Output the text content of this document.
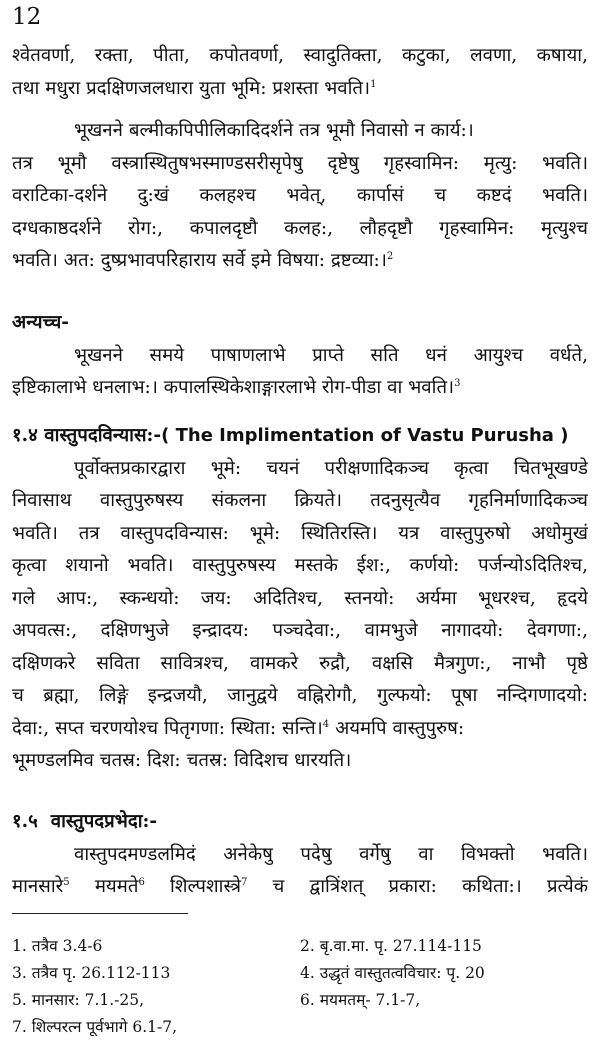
12
श्वेतवर्णा, रक्ता, पीता, कपोतवर्णा, स्वादुतिक्ता, कटुका, लवणा, कषाया,
तथा मधुरा प्रदक्षिणजलधारा युता भूमि: प्रशस्ता भवति।$^1$
भूखनने बल्मीकपिपीलिकादिदर्शने तत्र भूमौ निवासो न कार्य:।
तत्र भूमौ वस्त्रास्थितुषभस्माण्डसरीसृपेषु दृष्टेषु गृहस्वामिन: मृत्यु: भवति।
वराटिका-दर्शने दु:खं कलहश्च भवेत्, कार्पासं च कष्टदं भवति।
दग्धकाष्ठदर्शने रोग:, कपालदृष्टौ कलह:, लौहदृष्टौ गृहस्वामिन: मृत्युश्च
भवति। अत: दुष्प्रभावपरिहाराय सर्वे इमे विषया: द्रष्टव्या:।$^2$
अन्यच्च-
भूखनने समये पाषाणलाभे प्राप्ते सति धनं आयुश्च वर्धते,
इष्टिकालाभे धनलाभ:। कपालस्थिकेशाङ्गारलाभे रोग-पीडा वा भवति।$^3$
१.४ वास्तुपदविन्यास:-( The Implimentation of Vastu Purusha )
पूर्वोक्तप्रकारद्वारा भूमे: चयनं परीक्षणादिकञ्च कृत्वा चितभूखण्डे
निवासाथ वास्तुपुरुषस्य संकलना क्रियते। तदनुसृत्यैव गृहनिर्माणादिकञ्च
भवति। तत्र वास्तुपदविन्यास: भूमे: स्थितिरस्ति। यत्र वास्तुपुरुषो अधोमुखं
कृत्वा शयानो भवति। वास्तुपुरुषस्य मस्तके ईश:, कर्णयो: पर्जन्योऽदितिश्च,
गले आप:, स्कन्धयो: जय: अदितिश्च, स्तनयो: अर्यमा भूधरश्च, हृदये
अपवत्स:, दक्षिणभुजे इन्द्रादय: पञ्चदेवा:, वामभुजे नागादयो: देवगणा:,
दक्षिणकरे सविता सावित्रश्च, वामकरे रुद्रौ, वक्षसि मैत्रगुण:, नाभौ पृष्ठे
च ब्रह्मा, लिङ्गे इन्द्रजयौ, जानुद्वये वह्निरोगौ, गुल्फयो: पूषा नन्दिगणादयो:
देवा:, सप्त चरणयोश्च पितृगणा: स्थिता: सन्ति।$^4$ अयमपि वास्तुपुरुष:
भूमण्डलमिव चतस्र: दिश: चतस्र: विदिशच धारयति।
१.५ वास्तुपदप्रभेदा:-
वास्तुपदमण्डलमिदं अनेकेषु पदेषु वर्गेषु वा विभक्तो भवति।
मानसारे$^5$ मयमते$^6$ शिल्पशास्त्रे$^7$ च द्वात्रिंशत् प्रकारा: कथिता:। प्रत्येकं
1. तत्रैव 3.4-6	2. बृ.वा.मा. पृ. 27.114-115
3. तत्रैव पृ. 26.112-113	4. उद्धृतं वास्तुतत्वविचार: पृ. 20
5. मानसार: 7.1.-25,	6. मयमतम्- 7.1-7,
7. शिल्परत्न पूर्वभागे 6.1-7,
